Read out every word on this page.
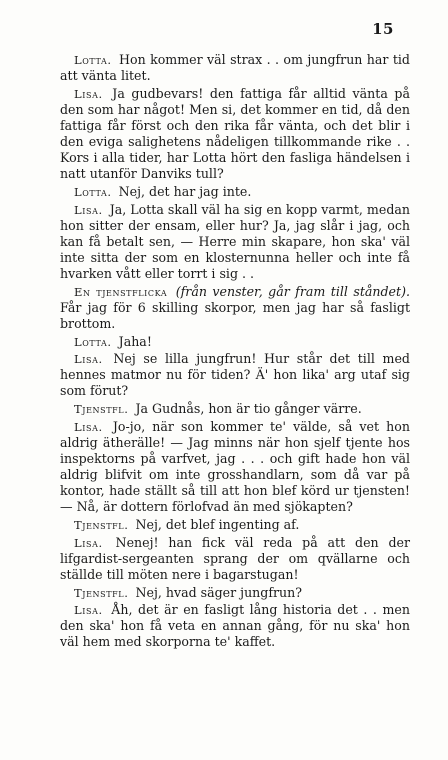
15

Lotta. Hon kommer väl strax . . om jungfrun har tid att vänta litet.

Lisa. Ja gudbevars! den fattiga får alltid vänta på den som har något! Men si, det kommer en tid, då den fattiga får först och den rika får vänta, och det blir i den eviga salighetens nådeligen tillkommande rike . . Kors i alla tider, har Lotta hört den fasliga händelsen i natt utanför Danviks tull?

Lotta. Nej, det har jag inte.

Lisa. Ja, Lotta skall väl ha sig en kopp varmt, medan hon sitter der ensam, eller hur? Ja, jag slår i jag, och kan få betalt sen, — Herre min skapare, hon ska' väl inte sitta der som en klosternunna heller och inte få hvarken vått eller torrt i sig . .

En tjenstflicka (från venster, går fram till ståndet). Får jag för 6 skilling skorpor, men jag har så fasligt brottom.

Lotta. Jaha!

Lisa. Nej se lilla jungfrun! Hur står det till med hennes matmor nu för tiden? Ä' hon lika' arg utaf sig som förut?

Tjenstfl. Ja Gudnås, hon är tio gånger värre.

Lisa. Jo-jo, när son kommer te' välde, så vet hon aldrig ätherälle! — Jag minns när hon sjelf tjente hos inspektorns på varfvet, jag . . . och gift hade hon väl aldrig blifvit om inte grosshandlarn, som då var på kontor, hade ställt så till att hon blef körd ur tjensten! — Nå, är dottern förlofvad än med sjökapten?

Tjenstfl. Nej, det blef ingenting af.

Lisa. Nenej! han fick väl reda på att den der lifgardist-sergeanten sprang der om qvällarne och ställde till möten nere i bagarstugan!

Tjenstfl. Nej, hvad säger jungfrun?

Lisa. Åh, det är en fasligt lång historia det . . men den ska' hon få veta en annan gång, för nu ska' hon väl hem med skorporna te' kaffet.
